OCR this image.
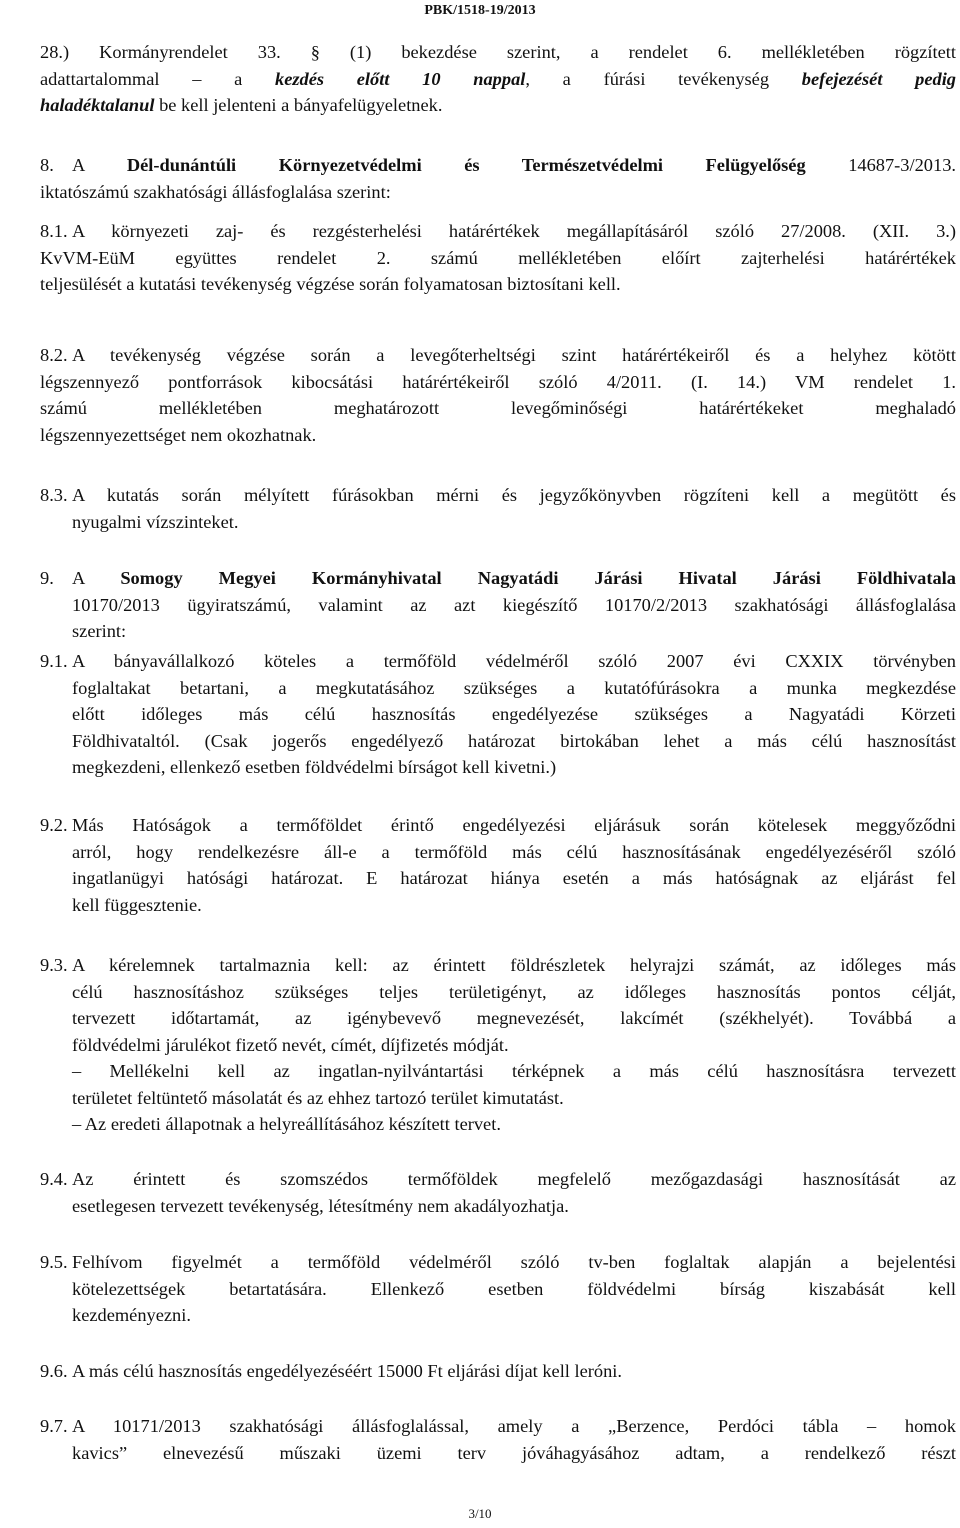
PBK/1518-19/2013
28.) Kormányrendelet 33. § (1) bekezdése szerint, a rendelet 6. mellékletében rögzített
adattartalommal – a kezdés előtt 10 nappal, a fúrási tevékenység befejezését pedig
haladéktalanul be kell jelenteni a bányafelügyeletnek.
8. A Dél-dunántúli Környezetvédelmi és Természetvédelmi Felügyelőség 14687-3/2013.
iktatószámú szakhatósági állásfoglalása szerint:
8.1. A környezeti zaj- és rezgésterhelési határértékek megállapításáról szóló 27/2008. (XII. 3.)
KvVM-EüM együttes rendelet 2. számú mellékletében előírt zajterhelési határértékek
teljesülését a kutatási tevékenység végzése során folyamatosan biztosítani kell.
8.2. A tevékenység végzése során a levegőterheltségi szint határértékeiről és a helyhez kötött
légszennyező pontforrások kibocsátási határértékeiről szóló 4/2011. (I. 14.) VM rendelet 1.
számú mellékletében meghatározott levegőminőségi határértékeket meghaladó
légszennyezettséget nem okozhatnak.
8.3. A kutatás során mélyített fúrásokban mérni és jegyzőkönyvben rögzíteni kell a megütött és
nyugalmi vízszinteket.
9. A Somogy Megyei Kormányhivatal Nagyatádi Járási Hivatal Járási Földhivatala
10170/2013 ügyiratszámú, valamint az azt kiegészítő 10170/2/2013 szakhatósági állásfoglalása
szerint:
9.1. A bányavállalkozó köteles a termőföld védelméről szóló 2007 évi CXXIX törvényben
foglaltakat betartani, a megkutatásához szükséges a kutatófúrásokra a munka megkezdése
előtt időleges más célú hasznosítás engedélyezése szükséges a Nagyatádi Körzeti
Földhivataltól. (Csak jogerős engedélyező határozat birtokában lehet a más célú hasznosítást
megkezdeni, ellenkező esetben földvédelmi bírságot kell kivetni.)
9.2. Más Hatóságok a termőföldet érintő engedélyezési eljárásuk során kötelesek meggyőződni
arról, hogy rendelkezésre áll-e a termőföld más célú hasznosításának engedélyezéséről szóló
ingatlanügyi hatósági határozat. E határozat hiánya esetén a más hatóságnak az eljárást fel
kell függesztenie.
9.3. A kérelemnek tartalmaznia kell: az érintett földrészletek helyrajzi számát, az időleges más
célú hasznosításhoz szükséges teljes területigényt, az időleges hasznosítás pontos célját,
tervezett időtartamát, az igénybevevő megnevezését, lakcímét (székhelyét). Továbbá a
földvédelmi járulékot fizető nevét, címét, díjfizetés módját.
– Mellékelni kell az ingatlan-nyilvántartási térképnek a más célú hasznosításra tervezett
területet feltüntető másolatát és az ehhez tartozó terület kimutatást.
– Az eredeti állapotnak a helyreállításához készített tervet.
9.4. Az érintett és szomszédos termőföldek megfelelő mezőgazdasági hasznosítását az
esetlegesen tervezett tevékenység, létesítmény nem akadályozhatja.
9.5. Felhívom figyelmét a termőföld védelméről szóló tv-ben foglaltak alapján a bejelentési
kötelezettségek betartatására. Ellenkező esetben földvédelmi bírság kiszabását kell
kezdeményezni.
9.6. A más célú hasznosítás engedélyezéséért 15000 Ft eljárási díjat kell leróni.
9.7. A 10171/2013 szakhatósági állásfoglalással, amely a „Berzence, Perdóci tábla – homok
kavics” elnevezésű műszaki üzemi terv jóváhagyásához adtam, a rendelkező részt
3/10
